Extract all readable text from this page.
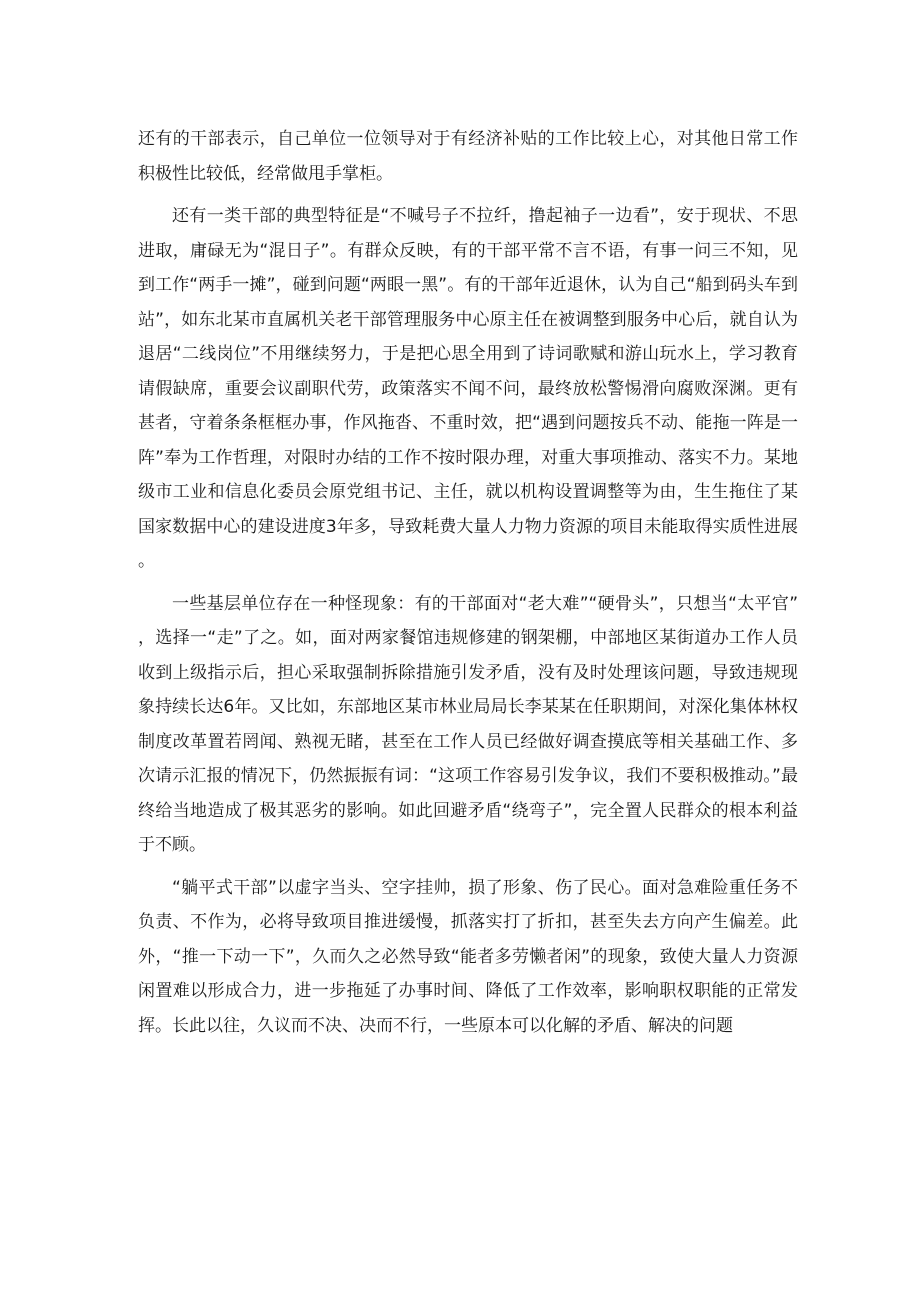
还有的干部表示，自己单位一位领导对于有经济补贴的工作比较上心，对其他日常工作积极性比较低，经常做甩手掌柜。

还有一类干部的典型特征是“不喊号子不拉纤，撸起袖子一边看”，安于现状、不思进取，庸碌无为“混日子”。有群众反映，有的干部平常不言不语，有事一问三不知，见到工作“两手一摊”，碰到问题“两眼一黑”。有的干部年近退休，认为自己“船到码头车到站”，如东北某市直属机关老干部管理服务中心原主任在被调整到服务中心后，就自认为退居“二线岗位”不用继续努力，于是把心思全用到了诗词歌赋和游山玩水上，学习教育请假缺席，重要会议副职代劳，政策落实不闻不问，最终放松警惕滑向腐败深渊。更有甚者，守着条条框框办事，作风拖沓、不重时效，把“遇到问题按兵不动、能拖一阵是一阵”奉为工作哲理，对限时办结的工作不按时限办理，对重大事项推动、落实不力。某地级市工业和信息化委员会原党组书记、主任，就以机构设置调整等为由，生生拖住了某国家数据中心的建设进度3年多，导致耗费大量人力物力资源的项目未能取得实质性进展。

一些基层单位存在一种怪现象：有的干部面对“老大难”“硬骨头”，只想当“太平官”，选择一“走”了之。如，面对两家餐馆违规修建的钢架棚，中部地区某街道办工作人员收到上级指示后，担心采取强制拆除措施引发矛盾，没有及时处理该问题，导致违规现象持续长达6年。又比如，东部地区某市林业局局长李某某在任职期间，对深化集体林权制度改革置若罔闻、熟视无睹，甚至在工作人员已经做好调查摸底等相关基础工作、多次请示汇报的情况下，仍然振振有词：“这项工作容易引发争议，我们不要积极推动。”最终给当地造成了极其恶劣的影响。如此回避矛盾“绕弯子”，完全置人民群众的根本利益于不顾。

“躺平式干部”以虚字当头、空字挂帅，损了形象、伤了民心。面对急难险重任务不负责、不作为，必将导致项目推进缓慢，抓落实打了折扣，甚至失去方向产生偏差。此外，“推一下动一下”，久而久之必然导致“能者多劳懒者闲”的现象，致使大量人力资源闲置难以形成合力，进一步拖延了办事时间、降低了工作效率，影响职权职能的正常发挥。长此以往，久议而不决、决而不行，一些原本可以化解的矛盾、解决的问题
